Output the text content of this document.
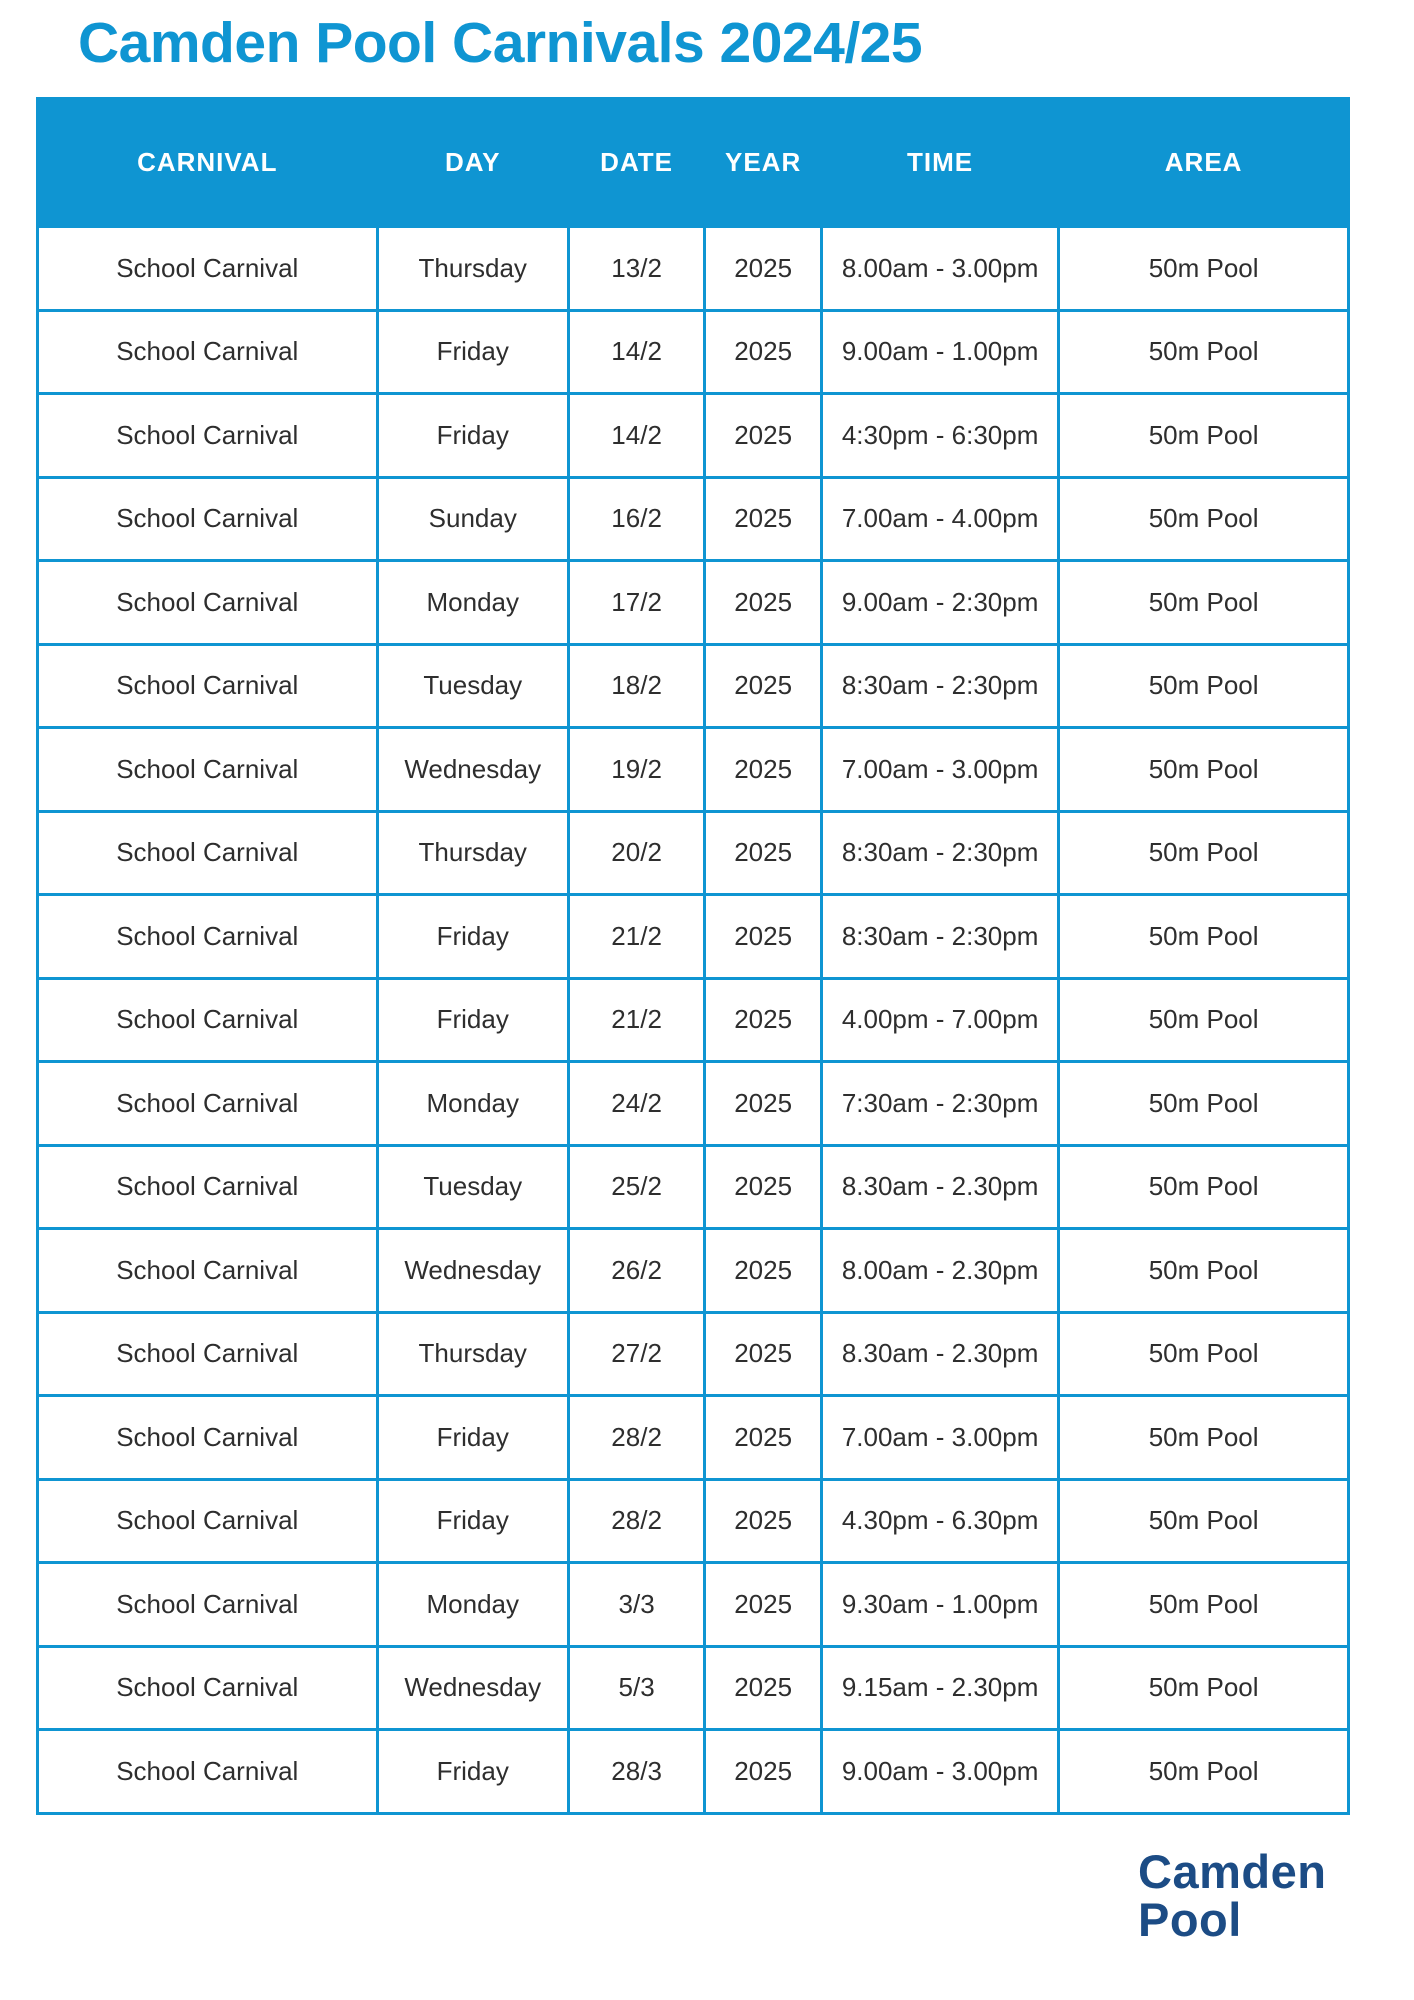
Camden Pool Carnivals 2024/25
CARNIVAL	DAY	DATE	YEAR	TIME	AREA
School Carnival	Thursday	13/2	2025	8.00am - 3.00pm	50m Pool
School Carnival	Friday	14/2	2025	9.00am - 1.00pm	50m Pool
School Carnival	Friday	14/2	2025	4:30pm - 6:30pm	50m Pool
School Carnival	Sunday	16/2	2025	7.00am - 4.00pm	50m Pool
School Carnival	Monday	17/2	2025	9.00am - 2:30pm	50m Pool
School Carnival	Tuesday	18/2	2025	8:30am - 2:30pm	50m Pool
School Carnival	Wednesday	19/2	2025	7.00am - 3.00pm	50m Pool
School Carnival	Thursday	20/2	2025	8:30am - 2:30pm	50m Pool
School Carnival	Friday	21/2	2025	8:30am - 2:30pm	50m Pool
School Carnival	Friday	21/2	2025	4.00pm - 7.00pm	50m Pool
School Carnival	Monday	24/2	2025	7:30am - 2:30pm	50m Pool
School Carnival	Tuesday	25/2	2025	8.30am - 2.30pm	50m Pool
School Carnival	Wednesday	26/2	2025	8.00am - 2.30pm	50m Pool
School Carnival	Thursday	27/2	2025	8.30am - 2.30pm	50m Pool
School Carnival	Friday	28/2	2025	7.00am - 3.00pm	50m Pool
School Carnival	Friday	28/2	2025	4.30pm - 6.30pm	50m Pool
School Carnival	Monday	3/3	2025	9.30am - 1.00pm	50m Pool
School Carnival	Wednesday	5/3	2025	9.15am - 2.30pm	50m Pool
School Carnival	Friday	28/3	2025	9.00am - 3.00pm	50m Pool
Camden
Pool
